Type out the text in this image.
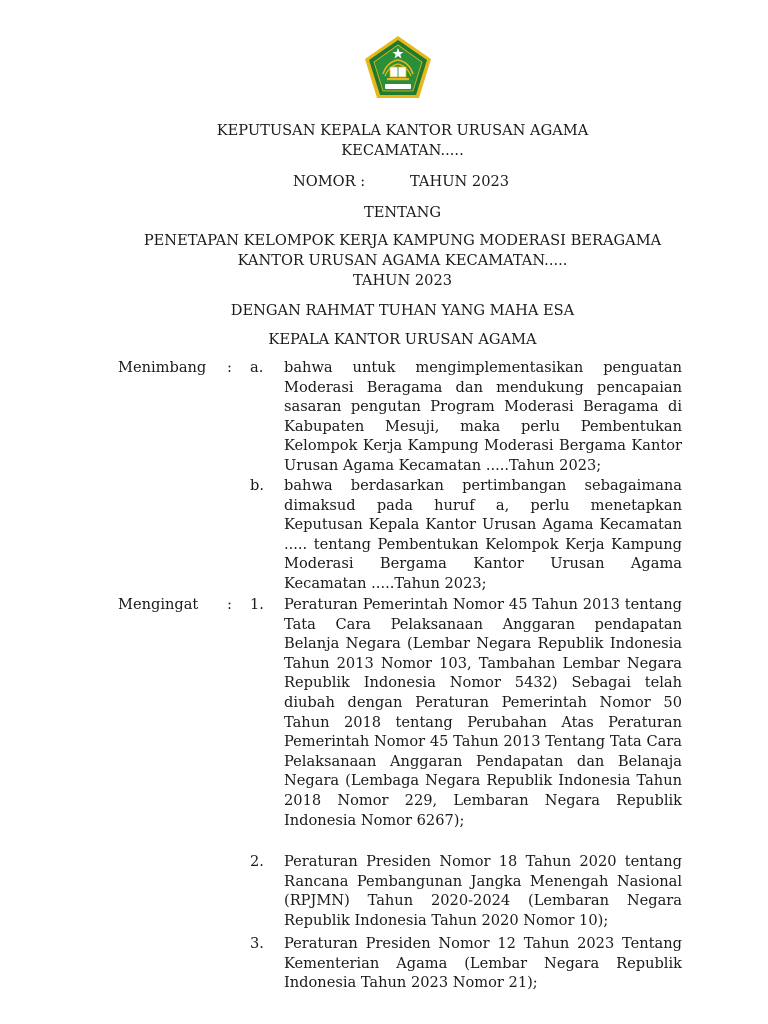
KEPUTUSAN KEPALA KANTOR URUSAN AGAMA
KECAMATAN.....
NOMOR :	TAHUN 2023
TENTANG
PENETAPAN KELOMPOK KERJA KAMPUNG MODERASI BERAGAMA
KANTOR URUSAN AGAMA KECAMATAN.....
TAHUN 2023
DENGAN RAHMAT TUHAN YANG MAHA ESA
KEPALA KANTOR URUSAN AGAMA
Menimbang : a. bahwa untuk mengimplementasikan penguatan Moderasi Beragama dan mendukung pencapaian sasaran pengutan Program Moderasi Beragama di Kabupaten Mesuji, maka perlu Pembentukan Kelompok Kerja Kampung Moderasi Bergama Kantor Urusan Agama Kecamatan .....Tahun 2023;
b. bahwa berdasarkan pertimbangan sebagaimana dimaksud pada huruf a, perlu menetapkan Keputusan Kepala Kantor Urusan Agama Kecamatan ..... tentang Pembentukan Kelompok Kerja Kampung Moderasi Bergama Kantor Urusan Agama Kecamatan .....Tahun 2023;
Mengingat : 1. Peraturan Pemerintah Nomor 45 Tahun 2013 tentang Tata Cara Pelaksanaan Anggaran pendapatan Belanja Negara (Lembar Negara Republik Indonesia Tahun 2013 Nomor 103, Tambahan Lembar Negara Republik Indonesia Nomor 5432) Sebagai telah diubah dengan Peraturan Pemerintah Nomor 50 Tahun 2018 tentang Perubahan Atas Peraturan Pemerintah Nomor 45 Tahun 2013 Tentang Tata Cara Pelaksanaan Anggaran Pendapatan dan Belanaja Negara (Lembaga Negara Republik Indonesia Tahun 2018 Nomor 229, Lembaran Negara Republik Indonesia Nomor 6267);
2. Peraturan Presiden Nomor 18 Tahun 2020 tentang Rancana Pembangunan Jangka Menengah Nasional (RPJMN) Tahun 2020-2024 (Lembaran Negara Republik Indonesia Tahun 2020 Nomor 10);
3. Peraturan Presiden Nomor 12 Tahun 2023 Tentang Kementerian Agama (Lembar Negara Republik Indonesia Tahun 2023 Nomor 21);
